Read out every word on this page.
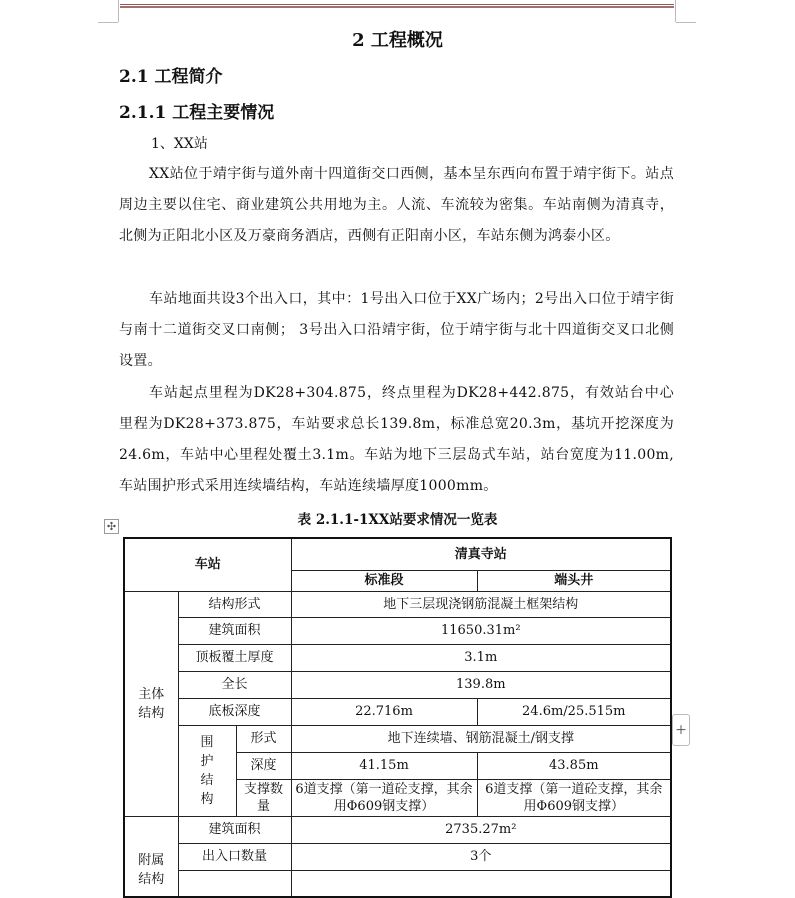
2 工程概况
2.1 工程简介
2.1.1 工程主要情况
1、XX站
XX站位于靖宇街与道外南十四道街交口西侧，基本呈东西向布置于靖宇街下。站点周边主要以住宅、商业建筑公共用地为主。人流、车流较为密集。车站南侧为清真寺，北侧为正阳北小区及万豪商务酒店，西侧有正阳南小区，车站东侧为鸿泰小区。
车站地面共设3个出入口，其中：1号出入口位于XX广场内；2号出入口位于靖宇街与南十二道街交叉口南侧； 3号出入口沿靖宇街，位于靖宇街与北十四道街交叉口北侧设置。
车站起点里程为DK28+304.875，终点里程为DK28+442.875，有效站台中心里程为DK28+373.875，车站要求总长139.8m，标准总宽20.3m，基坑开挖深度为24.6m，车站中心里程处覆土3.1m。车站为地下三层岛式车站，站台宽度为11.00m,车站围护形式采用连续墙结构，车站连续墙厚度1000mm。
表 2.1.1-1XX站要求情况一览表
✣
+
车站			清真寺站	
			标准段	端头井
主体结构	结构形式		地下三层现浇钢筋混凝土框架结构	
	建筑面积		11650.31m²	
	顶板覆土厚度		3.1m	
	全长		139.8m	
	底板深度		22.716m	24.6m/25.515m
	围护结构	形式	地下连续墙、钢筋混凝土/钢支撑	
		深度	41.15m	43.85m
		支撑数量	6道支撑（第一道砼支撑，其余用Φ609钢支撑）	6道支撑（第一道砼支撑，其余用Φ609钢支撑）
附属结构	建筑面积		2735.27m²	
	出入口数量		3个	
